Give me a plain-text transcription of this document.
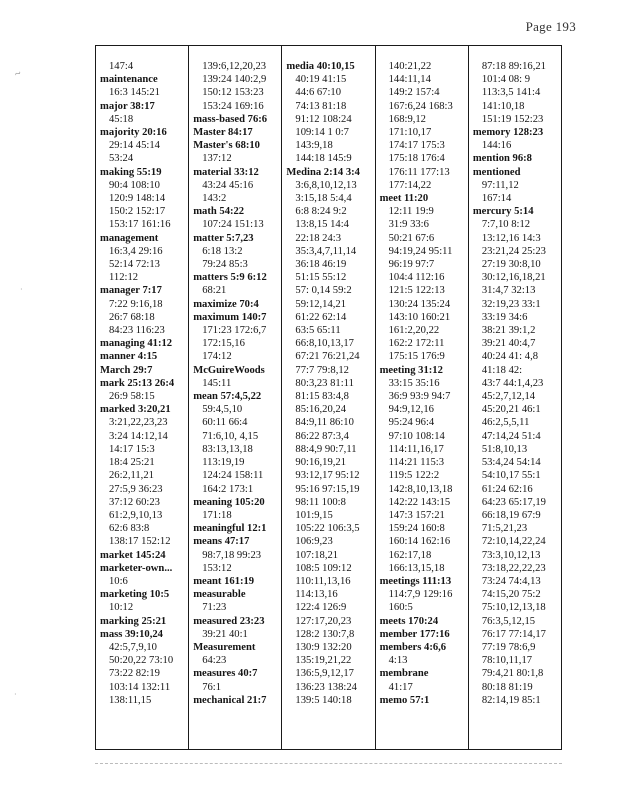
Page 193
~
·
·
147:4
maintenance
16:3 145:21
major 38:17
45:18
majority 20:16
29:14 45:14
53:24
making 55:19
90:4 108:10
120:9 148:14
150:2 152:17
153:17 161:16
management
16:3,4 29:16
52:14 72:13
112:12
manager 7:17
7:22 9:16,18
26:7 68:18
84:23 116:23
managing 41:12
manner 4:15
March 29:7
mark 25:13 26:4
26:9 58:15
marked 3:20,21
3:21,22,23,23
3:24 14:12,14
14:17 15:3
18:4 25:21
26:2,11,21
27:5,9 36:23
37:12 60:23
61:2,9,10,13
62:6 83:8
138:17 152:12
market 145:24
marketer-own...
10:6
marketing 10:5
10:12
marking 25:21
mass 39:10,24
42:5,7,9,10
50:20,22 73:10
73:22 82:19
103:14 132:11
138:11,15
139:6,12,20,23
139:24 140:2,9
150:12 153:23
153:24 169:16
mass-based 76:6
Master 84:17
Master's 68:10
137:12
material 33:12
43:24 45:16
143:2
math 54:22
107:24 151:13
matter 5:7,23
6:18 13:2
79:24 85:3
matters 5:9 6:12
68:21
maximize 70:4
maximum 140:7
171:23 172:6,7
172:15,16
174:12
McGuireWoods
145:11
mean 57:4,5,22
59:4,5,10
60:11 66:4
71:6,10, 4,15
83:13,13,18
113:19,19
124:24 158:11
164:2 173:1
meaning 105:20
171:18
meaningful 12:1
means 47:17
98:7,18 99:23
153:12
meant 161:19
measurable
71:23
measured 23:23
39:21 40:1
Measurement
64:23
measures 40:7
76:1
mechanical 21:7
media 40:10,15
40:19 41:15
44:6 67:10
74:13 81:18
91:12 108:24
109:14 1 0:7
143:9,18
144:18 145:9
Medina 2:14 3:4
3:6,8,10,12,13
3:15,18 5:4,4
6:8 8:24 9:2
13:8,15 14:4
22:18 24:3
35:3,4,7,11,14
36:18 46:19
51:15 55:12
57: 0,14 59:2
59:12,14,21
61:22 62:14
63:5 65:11
66:8,10,13,17
67:21 76:21,24
77:7 79:8,12
80:3,23 81:11
81:15 83:4,8
85:16,20,24
84:9,11 86:10
86:22 87:3,4
88:4,9 90:7,11
90:16,19,21
93:12,17 95:12
95:16 97:15,19
98:11 100:8
101:9,15
105:22 106:3,5
106:9,23
107:18,21
108:5 109:12
110:11,13,16
114:13,16
122:4 126:9
127:17,20,23
128:2 130:7,8
130:9 132:20
135:19,21,22
136:5,9,12,17
136:23 138:24
139:5 140:18
140:21,22
144:11,14
149:2 157:4
167:6,24 168:3
168:9,12
171:10,17
174:17 175:3
175:18 176:4
176:11 177:13
177:14,22
meet 11:20
12:11 19:9
31:9 33:6
50:21 67:6
94:19,24 95:11
96:19 97:7
104:4 112:16
121:5 122:13
130:24 135:24
143:10 160:21
161:2,20,22
162:2 172:11
175:15 176:9
meeting 31:12
33:15 35:16
36:9 93:9 94:7
94:9,12,16
95:24 96:4
97:10 108:14
114:11,16,17
114:21 115:3
119:5 122:2
142:8,10,13,18
142:22 143:15
147:3 157:21
159:24 160:8
160:14 162:16
162:17,18
166:13,15,18
meetings 111:13
114:7,9 129:16
160:5
meets 170:24
member 177:16
members 4:6,6
4:13
membrane
41:17
memo 57:1
87:18 89:16,21
101:4 08: 9
113:3,5 141:4
141:10,18
151:19 152:23
memory 128:23
144:16
mention 96:8
mentioned
97:11,12
167:14
mercury 5:14
7:7,10 8:12
13:12,16 14:3
23:21,24 25:23
27:19 30:8,10
30:12,16,18,21
31:4,7 32:13
32:19,23 33:1
33:19 34:6
38:21 39:1,2
39:21 40:4,7
40:24 41: 4,8
41:18 42:
43:7 44:1,4,23
45:2,7,12,14
45:20,21 46:1
46:2,5,5,11
47:14,24 51:4
51:8,10,13
53:4,24 54:14
54:10,17 55:1
61:24 62:16
64:23 65:17,19
66:18,19 67:9
71:5,21,23
72:10,14,22,24
73:3,10,12,13
73:18,22,22,23
73:24 74:4,13
74:15,20 75:2
75:10,12,13,18
76:3,5,12,15
76:17 77:14,17
77:19 78:6,9
78:10,11,17
79:4,21 80:1,8
80:18 81:19
82:14,19 85:1
